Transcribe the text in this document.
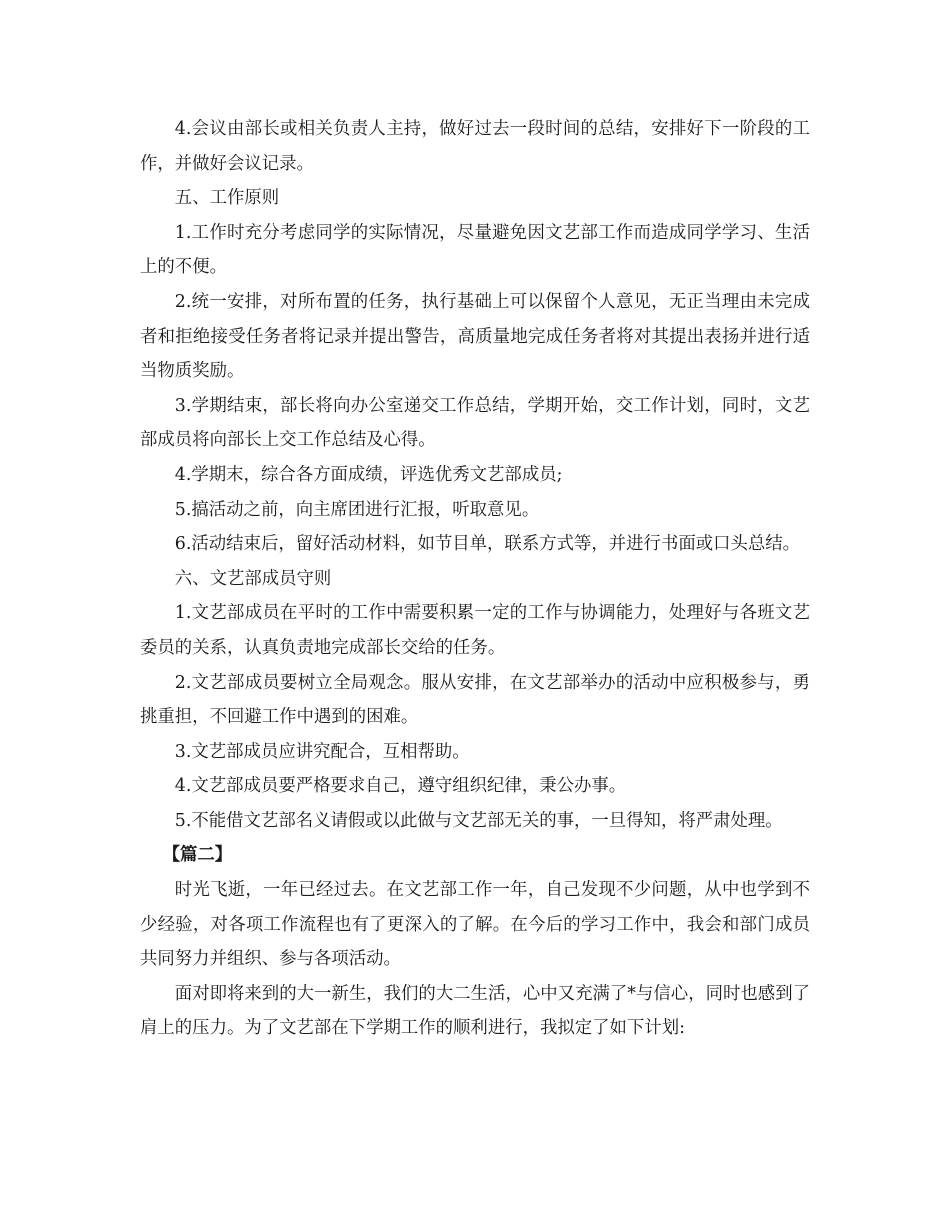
4.会议由部长或相关负责人主持，做好过去一段时间的总结，安排好下一阶段的工作，并做好会议记录。

五、工作原则

1.工作时充分考虑同学的实际情况，尽量避免因文艺部工作而造成同学学习、生活上的不便。

2.统一安排，对所布置的任务，执行基础上可以保留个人意见，无正当理由未完成者和拒绝接受任务者将记录并提出警告，高质量地完成任务者将对其提出表扬并进行适当物质奖励。

3.学期结束，部长将向办公室递交工作总结，学期开始，交工作计划，同时，文艺部成员将向部长上交工作总结及心得。

4.学期末，综合各方面成绩，评选优秀文艺部成员;

5.搞活动之前，向主席团进行汇报，听取意见。

6.活动结束后，留好活动材料，如节目单，联系方式等，并进行书面或口头总结。

六、文艺部成员守则

1.文艺部成员在平时的工作中需要积累一定的工作与协调能力，处理好与各班文艺委员的关系，认真负责地完成部长交给的任务。

2.文艺部成员要树立全局观念。服从安排，在文艺部举办的活动中应积极参与，勇挑重担，不回避工作中遇到的困难。

3.文艺部成员应讲究配合，互相帮助。

4.文艺部成员要严格要求自己，遵守组织纪律，秉公办事。

5.不能借文艺部名义请假或以此做与文艺部无关的事，一旦得知，将严肃处理。

【篇二】

时光飞逝，一年已经过去。在文艺部工作一年，自己发现不少问题，从中也学到不少经验，对各项工作流程也有了更深入的了解。在今后的学习工作中，我会和部门成员共同努力并组织、参与各项活动。

面对即将来到的大一新生，我们的大二生活，心中又充满了*与信心，同时也感到了肩上的压力。为了文艺部在下学期工作的顺利进行，我拟定了如下计划:
